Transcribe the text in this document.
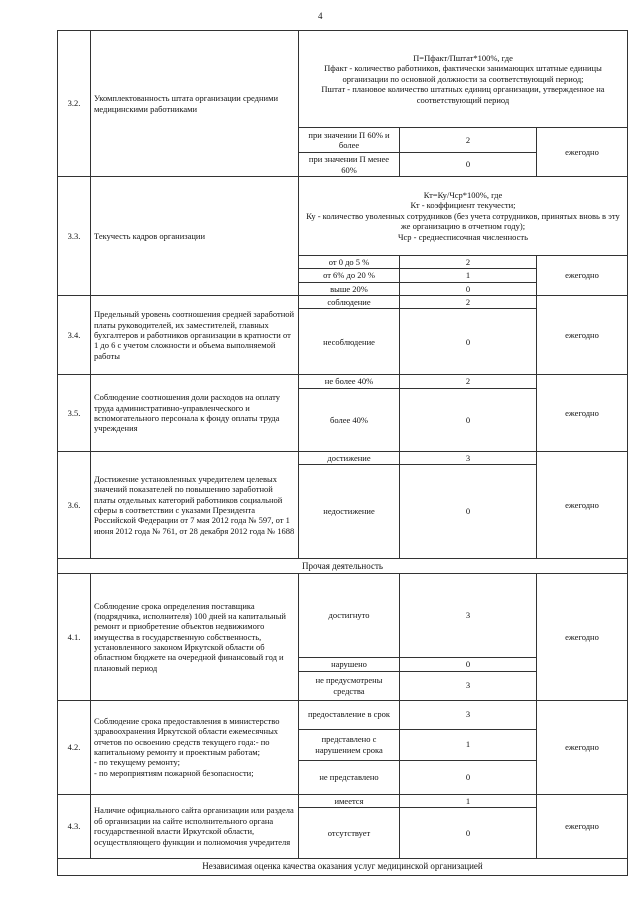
4
3.2.	Укомплектованность штата организации средними медицинскими работниками	П=Пфакт/Пштат*100%, где
Пфакт - количество работников, фактически занимающих штатные единицы организации по основной должности за соответствующий период;
Пштат - плановое количество штатных единиц организации, утвержденное на соответствующий период		
		при значении П 60% и более	2	ежегодно
		при значении П менее 60%	0	
3.3.	Текучесть кадров организации	Кт=Ку/Чср*100%, где
Кт - коэффициент текучести;
Ку - количество уволенных сотрудников (без учета сотрудников, принятых вновь в эту же организацию в отчетном году);
Чср - среднесписочная численность		
		от 0 до 5 %	2	ежегодно
		от 6% до 20 %	1	
		выше 20%	0	
3.4.	Предельный уровень соотношения средней заработной платы руководителей, их заместителей, главных бухгалтеров и работников организации в кратности от 1 до 6 с учетом сложности и объема выполняемой работы	соблюдение	2	ежегодно
		несоблюдение	0	
3.5.	Соблюдение соотношения доли расходов на оплату труда административно-управленческого и вспомогательного персонала к фонду оплаты труда учреждения	не более 40%	2	ежегодно
		более 40%	0	
3.6.	Достижение установленных учредителем целевых значений показателей по повышению заработной платы отдельных категорий работников социальной сферы в соответствии с указами Президента Российской Федерации от 7 мая 2012 года № 597, от 1 июня 2012 года № 761, от 28 декабря 2012 года № 1688	достижение	3	ежегодно
		недостижение	0	
Прочая деятельность				
4.1.	Соблюдение срока определения поставщика (подрядчика, исполнителя) 100 дней на капитальный ремонт и приобретение объектов недвижимого имущества в государственную собственность, установленного законом Иркутской области об областном бюджете на очередной финансовый год и плановый период	достигнуто	3	ежегодно
		нарушено	0	
		не предусмотрены средства	3	
4.2.	Соблюдение срока предоставления в министерство здравоохранения Иркутской области ежемесячных отчетов по освоению средств текущего года:- по капитальному ремонту и проектным работам;
- по текущему ремонту;
- по мероприятиям пожарной безопасности;	предоставление в срок	3	ежегодно
		представлено с нарушением срока	1	
		не представлено	0	
4.3.	Наличие официального сайта организации или раздела об организации на сайте исполнительного органа государственной власти Иркутской области, осуществляющего функции и полномочия учредителя	имеется	1	ежегодно
		отсутствует	0	
Независимая оценка качества оказания услуг медицинской организацией				
